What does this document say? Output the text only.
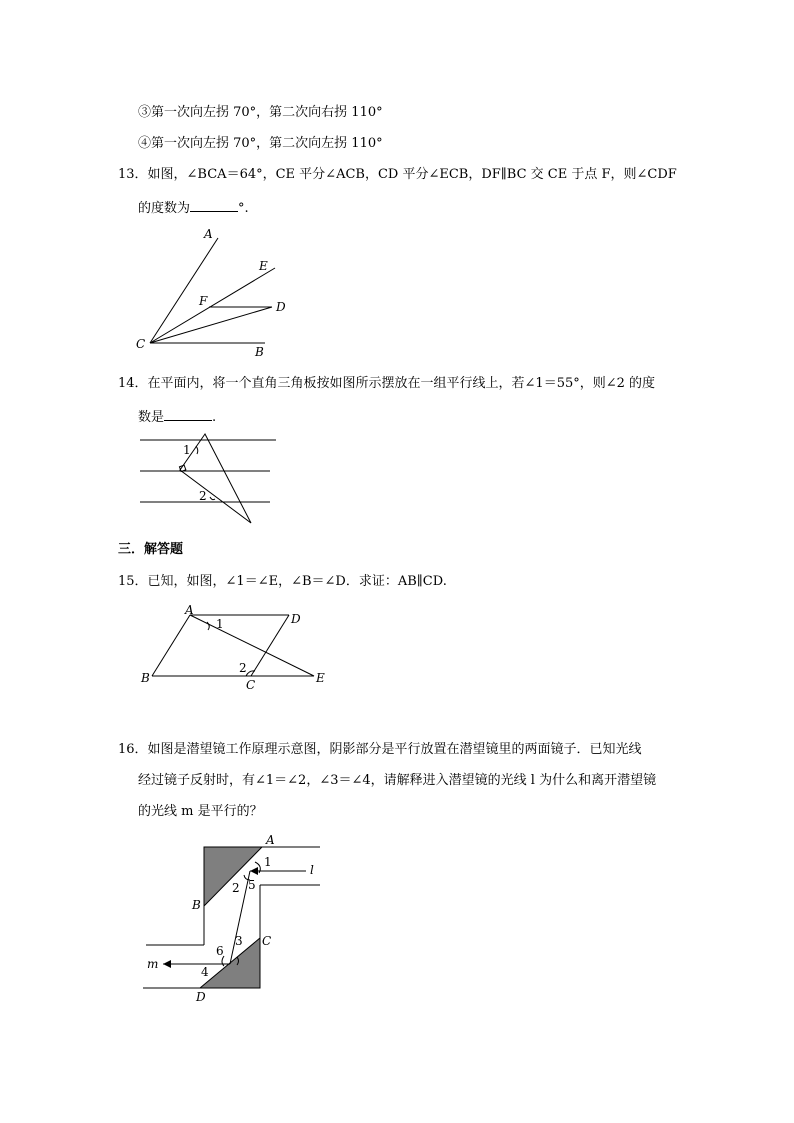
③第一次向左拐 70°，第二次向右拐 110°
④第一次向左拐 70°，第二次向左拐 110°
13．如图，∠BCA＝64°，CE 平分∠ACB，CD 平分∠ECB，DF∥BC 交 CE 于点 F，则∠CDF
的度数为	°.
14．在平面内，将一个直角三角板按如图所示摆放在一组平行线上，若∠1＝55°，则∠2 的度
数是	.
三．解答题
15．已知，如图，∠1＝∠E，∠B＝∠D．求证：AB∥CD.
16．如图是潜望镜工作原理示意图，阴影部分是平行放置在潜望镜里的两面镜子．已知光线
经过镜子反射时，有∠1＝∠2，∠3＝∠4，请解释进入潜望镜的光线 l 为什么和离开潜望镜
的光线 m 是平行的？
A
E
F	D
C
B
1
2
A
D
1
2
B	C	E
A
l
1
2 5
B
C
3
6
m
4
D
